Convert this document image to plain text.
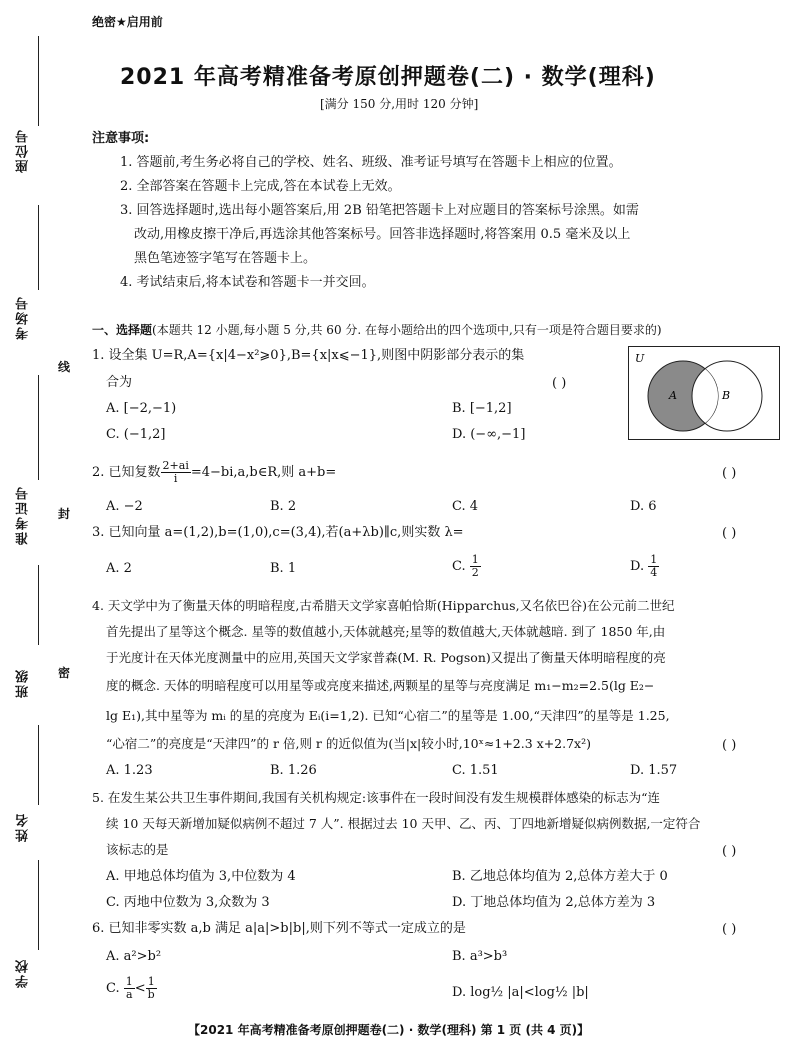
座位号
考场号
准考证号
班级
姓名
学校
线
封
密
绝密★启用前
2021 年高考精准备考原创押题卷(二) · 数学(理科)
[满分 150 分,用时 120 分钟]
注意事项:
1. 答题前,考生务必将自己的学校、姓名、班级、准考证号填写在答题卡上相应的位置。
2. 全部答案在答题卡上完成,答在本试卷上无效。
3. 回答选择题时,选出每小题答案后,用 2B 铅笔把答题卡上对应题目的答案标号涂黑。如需
改动,用橡皮擦干净后,再选涂其他答案标号。回答非选择题时,将答案用 0.5 毫米及以上
黑色笔迹签字笔写在答题卡上。
4. 考试结束后,将本试卷和答题卡一并交回。
一、选择题(本题共 12 小题,每小题 5 分,共 60 分. 在每小题给出的四个选项中,只有一项是符合题目要求的)
1. 设全集 U=R,A={x|4−x²⩾0},B={x|x⩽−1},则图中阴影部分表示的集
合为	( )
A. [−2,−1)	B. [−1,2]
C. (−1,2]	D. (−∞,−1]
U
A	B
2. 已知复数 $\frac{2+ai}{i}$ =4−bi,a,b∈R,则 a+b=	( )
A. −2	B. 2	C. 4	D. 6
3. 已知向量 a=(1,2),b=(1,0),c=(3,4),若(a+λb)∥c,则实数 λ=	( )
A. 2	B. 1	C. $\frac{1}{2}$	D. $\frac{1}{4}$
4. 天文学中为了衡量天体的明暗程度,古希腊天文学家喜帕恰斯(Hipparchus,又名依巴谷)在公元前二世纪
首先提出了星等这个概念. 星等的数值越小,天体就越亮;星等的数值越大,天体就越暗. 到了 1850 年,由
于光度计在天体光度测量中的应用,英国天文学家普森(M. R. Pogson)又提出了衡量天体明暗程度的亮
度的概念. 天体的明暗程度可以用星等或亮度来描述,两颗星的星等与亮度满足 m₁−m₂=2.5(lg E₂−
lg E₁),其中星等为 mᵢ 的星的亮度为 Eᵢ(i=1,2). 已知“心宿二”的星等是 1.00,“天津四”的星等是 1.25,
“心宿二”的亮度是“天津四”的 r 倍,则 r 的近似值为(当|x|较小时,10ˣ≈1+2.3 x+2.7x²)	( )
A. 1.23	B. 1.26	C. 1.51	D. 1.57
5. 在发生某公共卫生事件期间,我国有关机构规定:该事件在一段时间没有发生规模群体感染的标志为“连
续 10 天每天新增加疑似病例不超过 7 人”. 根据过去 10 天甲、乙、丙、丁四地新增疑似病例数据,一定符合
该标志的是	( )
A. 甲地总体均值为 3,中位数为 4	B. 乙地总体均值为 2,总体方差大于 0
C. 丙地中位数为 3,众数为 3	D. 丁地总体均值为 2,总体方差为 3
6. 已知非零实数 a,b 满足 a|a|>b|b|,则下列不等式一定成立的是	( )
A. a²>b²	B. a³>b³
C. $\frac{1}{a} < \frac{1}{b}$	D. log½ |a|<log½ |b|
【2021 年高考精准备考原创押题卷(二) · 数学(理科) 第 1 页 (共 4 页)】
